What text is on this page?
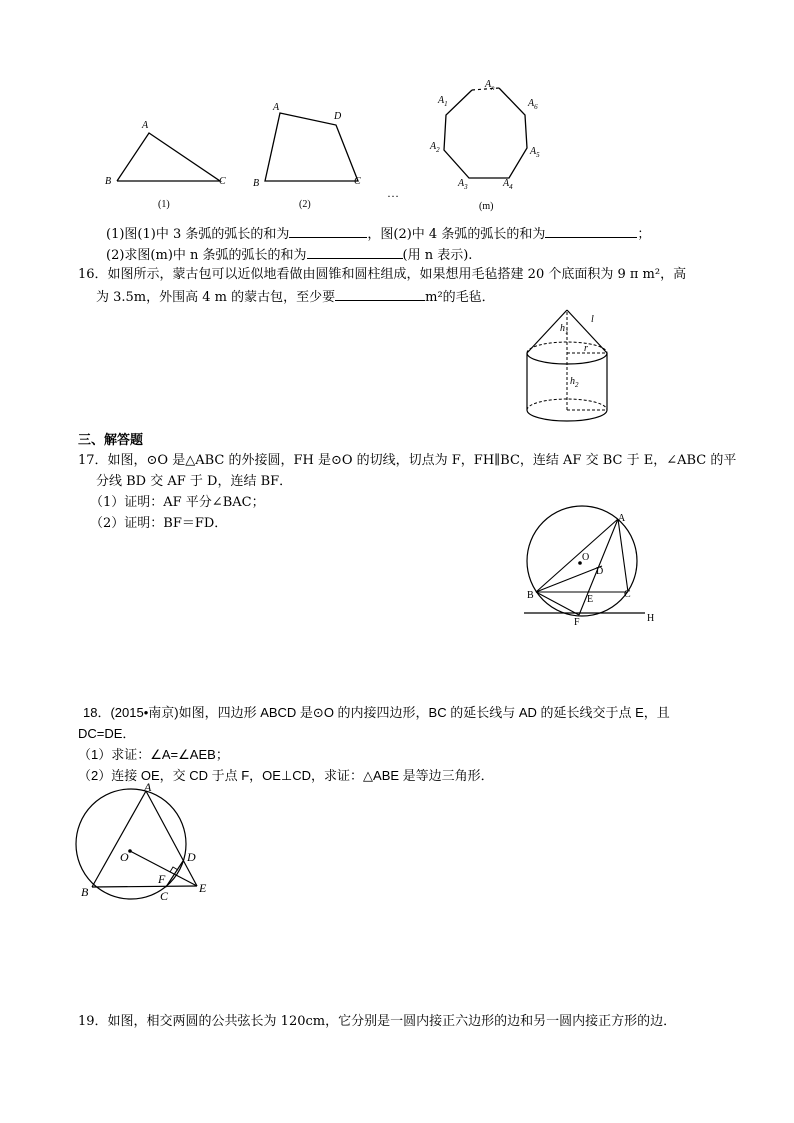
A
B	C
A
D
B	C
$A_1$
$A_n$
$A_6$
$A_2$	$A_5$
$A_3$	$A_4$
(1)	(2)
…
(m)
(1)图(1)中 3 条弧的弧长的和为	，图(2)中 4 条弧的弧长的和为	；
(2)求图(m)中 n 条弧的弧长的和为	(用 n 表示).
16．如图所示，蒙古包可以近似地看做由圆锥和圆柱组成，如果想用毛毡搭建 20 个底面积为 9 π m²，高
为 3.5m，外围高 4 m 的蒙古包，至少要	m²的毛毡．
$h_1$
l
r
$h_2$
三、解答题
17．如图，⊙O 是△ABC 的外接圆，FH 是⊙O 的切线，切点为 F，FH∥BC，连结 AF 交 BC 于 E，∠ABC 的平
分线 BD 交 AF 于 D，连结 BF．
（1）证明：AF 平分∠BAC；
（2）证明：BF＝FD．	A
O
D
B	E	C
F	H
18．(2015•南京)如图，四边形 ABCD 是⊙O 的内接四边形，BC 的延长线与 AD 的延长线交于点 E，且
DC=DE．
（1）求证：∠A=∠AEB；
（2）连接 OE，交 CD 于点 F，OE⊥CD，求证：△ABE 是等边三角形．
A
O	D
F
B	C
E
19．如图，相交两圆的公共弦长为 120cm，它分别是一圆内接正六边形的边和另一圆内接正方形的边．
